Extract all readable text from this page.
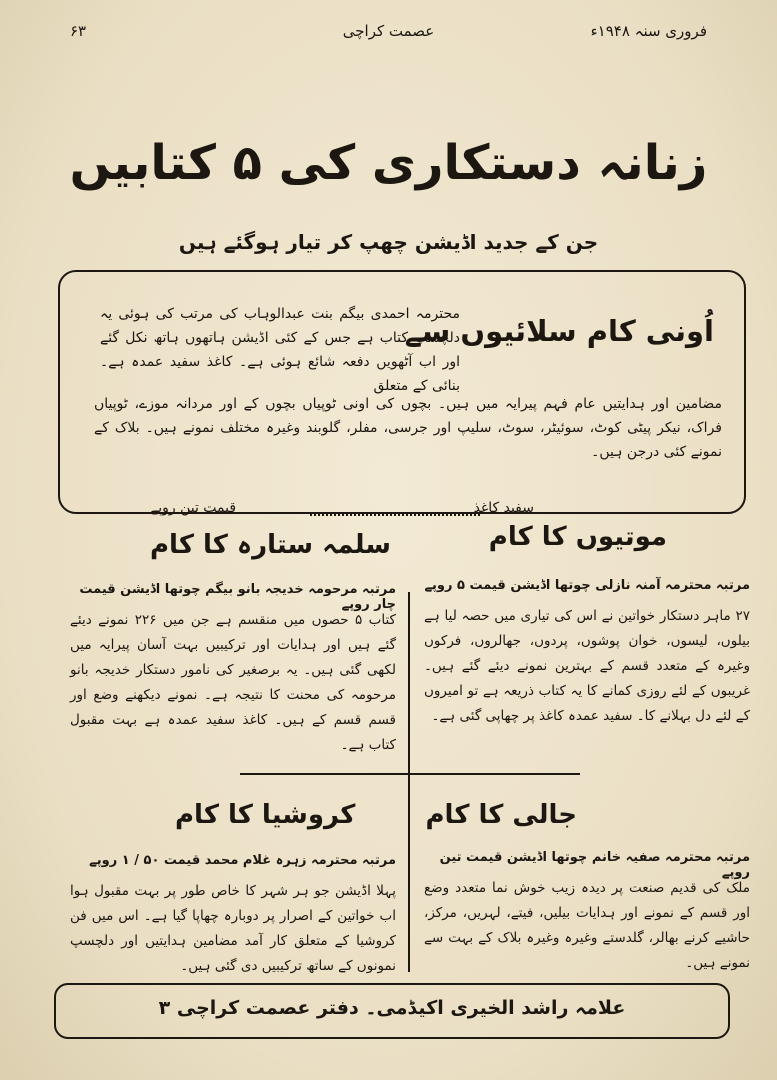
۶۳	عصمت کراچی	فروری سنہ ۱۹۴۸ء
زنانہ دستکاری کی ۵ کتابیں
جن کے جدید اڈیشن چھپ کر تیار ہوگئے ہیں
اُونی کام سلائیوں سے
محترمہ احمدی بیگم بنت عبدالوہاب کی مرتب کی ہوئی یہ دلچسپ کتاب ہے جس کے کئی اڈیشن ہاتھوں ہاتھ نکل گئے اور اب آٹھویں دفعہ شائع ہوئی ہے۔ کاغذ سفید عمدہ ہے۔ بنائی کے متعلق
مضامین اور ہدایتیں عام فہم پیرایہ میں ہیں۔ بچوں کی اونی ٹوپیاں بچوں کے اور مردانہ موزے، ٹوپیاں فراک، نیکر پیٹی کوٹ، سوئیٹر، سوٹ، سلیپ اور جرسی، مفلر، گلوبند وغیرہ مختلف نمونے ہیں۔ بلاک کے نمونے کئی درجن ہیں۔
سفید کاغذ
قیمت تین روپے
موتیوں کا کام
مرتبہ محترمہ آمنہ نازلی چوتھا اڈیشن قیمت ۵ روپے
۲۷ ماہر دستکار خواتین نے اس کی تیاری میں حصہ لیا ہے بیلوں، لیسوں، خوان پوشوں، پردوں، جھالروں، فرکوں وغیرہ کے متعدد قسم کے بہترین نمونے دیئے گئے ہیں۔ غریبوں کے لئے روزی کمانے کا یہ کتاب ذریعہ ہے تو امیروں کے لئے دل بہلانے کا۔ سفید عمدہ کاغذ پر چھاپی گئی ہے۔
سلمہ ستارہ کا کام
مرتبہ مرحومہ خدیجہ بانو بیگم چوتھا اڈیشن قیمت چار روپے
کتاب ۵ حصوں میں منقسم ہے جن میں ۲۲۶ نمونے دیئے گئے ہیں اور ہدایات اور ترکیبیں بہت آسان پیرایہ میں لکھی گئی ہیں۔ یہ برصغیر کی نامور دستکار خدیجہ بانو مرحومہ کی محنت کا نتیجہ ہے۔ نمونے دیکھنے وضع اور قسم قسم کے ہیں۔ کاغذ سفید عمدہ ہے بہت مقبول کتاب ہے۔
جالی کا کام
مرتبہ محترمہ صفیہ خانم چوتھا اڈیشن قیمت تین روپے
ملک کی قدیم صنعت پر دیدہ زیب خوش نما متعدد وضع اور قسم کے نمونے اور ہدایات بیلیں، فیتے، لہریں، مرکز، حاشیے کرنے بھالر، گلدستے وغیرہ وغیرہ بلاک کے بہت سے نمونے ہیں۔
کروشیا کا کام
مرتبہ محترمہ زہرہ غلام محمد قیمت ۵۰ / ۱ روپے
پہلا اڈیشن جو ہر شہر کا خاص طور پر بہت مقبول ہوا اب خواتین کے اصرار پر دوبارہ چھاپا گیا ہے۔ اس میں فن کروشیا کے متعلق کار آمد مضامین ہدایتیں اور دلچسپ نمونوں کے ساتھ ترکیبیں دی گئی ہیں۔
علامہ راشد الخیری اکیڈمی۔ دفتر عصمت کراچی ۳
